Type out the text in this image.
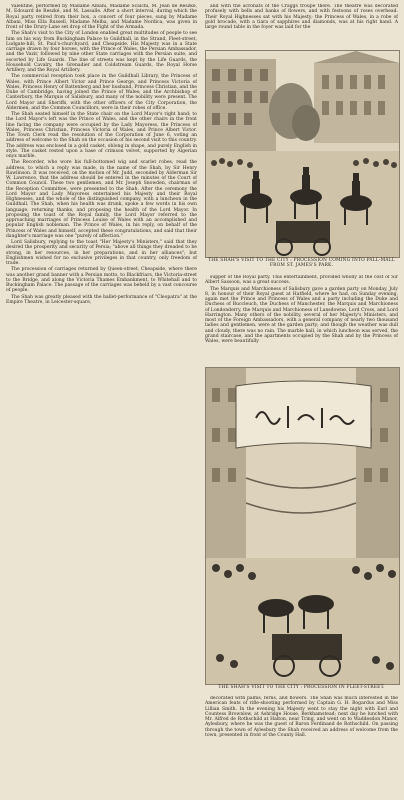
Valentine, performed by Madame Albani, Madame Scalchi, M. Jean de Reszké, M. Edouard de Reszké, and M. Lassalle. After a short interval, during which the Royal party retired from their box, a concert of four pieces, sung by Madame Albani, Miss Ella Russell, Madame Melba, and Madame Nordica, was given in front of the Drury-Lane set drop of the Fight of the Armada.

The Shah's visit to the City of London enabled great multitudes of people to see him on his way from Buckingham Palace to Guildhall, in the Strand, Fleet-street, Ludgate-hill, St. Paul's-churchyard, and Cheapside. His Majesty was in a State carriage drawn by four horses, with the Prince of Wales, the Persian Ambassador, and the Vazir, followed by nine other State carriages with the Persian suite, and escorted by Life Guards. The line of streets was kept by the Life Guards, the Household Cavalry, the Grenadier and Coldstream Guards, the Royal Horse Artillery, and the Royal Artillery.

The commercial reception took place in the Guildhall Library, the Princess of Wales, with Prince Albert Victor and Prince George, and Princess Victoria of Wales, Princess Henry of Battenberg and her husband, Princess Christian, and the Duke of Cambridge, having joined the Prince of Wales; and the Archbishop of Canterbury, the Marquis of Salisbury, and many of the nobility were present. The Lord Mayor and Sheriffs, with the other officers of the City Corporation, the Aldermen, and the Common Councillors, were in their robes of office.

The Shah seated himself in the State chair on the Lord Mayor's right hand; to the Lord Mayor's left was the Prince of Wales, and the other chairs in the front line facing the company were occupied by the Lady Mayoress, the Princess of Wales, Princess Christian, Princess Victoria of Wales, and Prince Albert Victor. The Town Clerk read the resolution of the Corporation of June 6, voting an address of welcome to the Shah on the occasion of his second visit to this country. The address was enclosed in a gold casket, oblong in shape, and purely English in style. The casket rested upon a base of crimson velvet, supported by Algerian onyx marble.

The Recorder, who wore his full-bottomed wig and scarlet robes, read the address, to which a reply was made, in the name of the Shah, by Sir Henry Rawlinson. It was received, on the motion of Mr. Judd, seconded by Alderman Sir W. Lawrence, that the address should be entered in the minutes of the Court of Common Council. These two gentlemen, and Mr. Joseph Snowden, chairman of the Reception Committee, were presented to the Shah. After the ceremony the Lord Mayor and Lady Mayoress entertained his Majesty and their Royal Highnesses, and the whole of the distinguished company, with a luncheon in the Guildhall. The Shah, when his health was drunk, spoke a few words in his own language, returning thanks, and proposing the health of the Lord Mayor. In proposing the toast of the Royal family, the Lord Mayor referred to the approaching marriages of Princess Louise of Wales with an accomplished and popular English nobleman. The Prince of Wales, in his reply, on behalf of the Princess of Wales and himself, accepted these congratulations, and said that their daughter's marriage was one "purely of affection."

Lord Salisbury, replying to the toast "Her Majesty's Ministers," said that they desired the prosperity and security of Persia; "above all things they dreaded to be strong, in her resources, in her preparations, and in her alliances"; but Englishmen wished for no exclusive privileges in that country, only freedom of trade.

The procession of carriages returned by Queen-street, Cheapside, where there was another grand banner with a Persian motto, to Blackfriars, the Victoria-street to the Bridge, and along the Victoria Thames Embankment, to Whitehall and to Buckingham Palace. The passage of the carriages was beheld by a vast concourse of people.

The Shah was greatly pleased with the ballet-performance of "Cleopatra" at the Empire Theatre, in Leicester-square,

and with the acrobats of the Craggs troupe there. The theatre was decorated profusely with bells and banks of flowers, and with festoons of roses overhead. Their Royal Highnesses sat with his Majesty; the Princess of Wales, in a robe of gold brocade, with a tiara of sapphires and diamonds, was at his right hand. A large round table in the foyer was laid for the

THE SHAH'S VISIT TO THE CITY : PROCESSION COMING INTO PALL-MALL FROM ST. JAMES'S PARK.

supper of the Royal party. This entertainment, provided wholly at the cost of Sir Albert Sassoon, was a great success.

The Marquis and Marchioness of Salisbury gave a garden party on Monday, July 8, in honour of their Royal guest at Hatfield, where he had, on Sunday evening, again met the Prince and Princess of Wales and a party including the Duke and Duchess of Buccleuch, the Duchess of Manchester, the Marquis and Marchioness of Londonderry, the Marquis and Marchioness of Lansdowne, Lord Cross, and Lord Harrington. Many others of the nobility, several of her Majesty's Ministers, and most of the Foreign Ambassadors, with a general company of nearly two thousand ladies and gentlemen, were at the garden party; and though the weather was dull and cloudy, there was no rain. The marble hall, in which luncheon was served, the grand staircase, and the apartments occupied by the Shah and by the Princess of Wales, were beautifully

THE SHAH'S VISIT TO THE CITY : PROCESSION IN FLEET-STREET.

decorated with palms, ferns, and flowers. The Shah was much interested in the American feats of rifle-shooting performed by Captain G. H. Bogardus and Miss Lillian Smith. In the evening his Majesty went to stay the night with Earl and Countess Brownlow, at Ashridge House, Berkhamstead; next day he lunched with Mr. Alfred de Rothschild at Halton, near Tring, and went on to Waddesdon Manor, Aylesbury, where he was the guest of Baron Ferdinand de Rothschild. On passing through the town of Aylesbury the Shah received an address of welcome from the town, presented in front of the County Hall.
